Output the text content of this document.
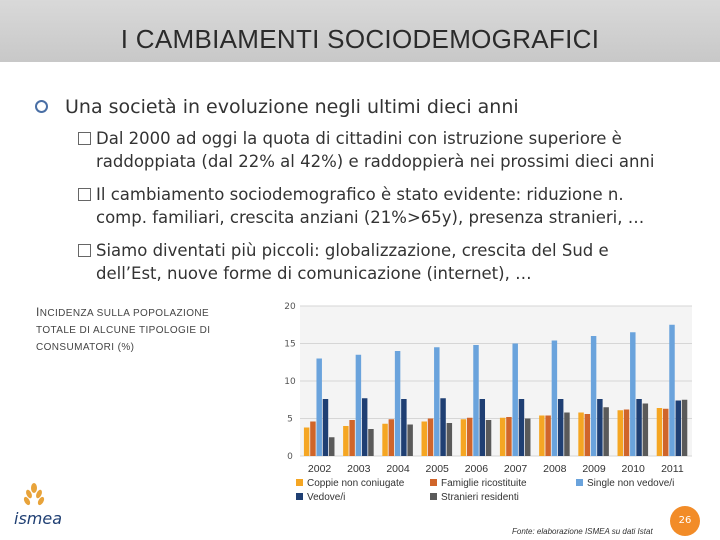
I CAMBIAMENTI SOCIODEMOGRAFICI
Una società in evoluzione negli ultimi dieci anni
Dal 2000 ad oggi la quota di cittadini con istruzione superiore è
raddoppiata (dal 22% al 42%) e raddoppierà nei prossimi dieci anni
Il cambiamento sociodemografico è stato evidente: riduzione n.
comp. familiari, crescita anziani (21%>65y), presenza stranieri, …
Siamo diventati più piccoli: globalizzazione, crescita del Sud e
dell’Est, nuove forme di comunicazione (internet), …
INCIDENZA SULLA POPOLAZIONE
TOTALE DI ALCUNE TIPOLOGIE DI
CONSUMATORI (%)
0
5
10
15
20
2002 2003 2004 2005 2006 2007 2008 2009 2010 2011
Coppie non coniugate	Famiglie ricostituite	Single non vedove/i
Vedove/i	Stranieri residenti
ismea	26
Fonte: elaborazione ISMEA su dati Istat
